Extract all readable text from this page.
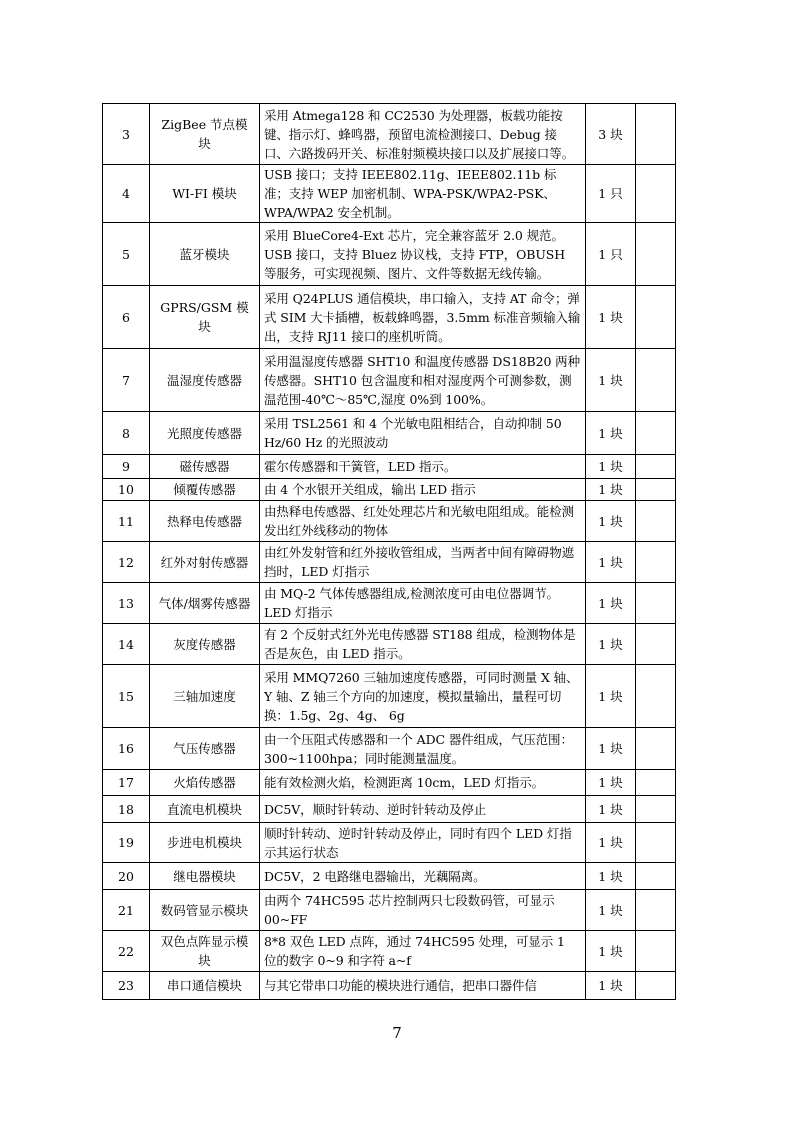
3	ZigBee 节点模块	采用 Atmega128 和 CC2530 为处理器，板载功能按键、指示灯、蜂鸣器，预留电流检测接口、Debug 接口、六路拨码开关、标准射频模块接口以及扩展接口等。	3 块	
4	WI-FI 模块	USB 接口；支持 IEEE802.11g、IEEE802.11b 标准；支持 WEP 加密机制、WPA-PSK/WPA2-PSK、WPA/WPA2 安全机制。	1 只	
5	蓝牙模块	采用 BlueCore4-Ext 芯片，完全兼容蓝牙 2.0 规范。USB 接口，支持 Bluez 协议栈，支持 FTP，OBUSH 等服务，可实现视频、图片、文件等数据无线传输。	1 只	
6	GPRS/GSM 模块	采用 Q24PLUS 通信模块，串口输入，支持 AT 命令；弹式 SIM 大卡插槽，板载蜂鸣器，3.5mm 标准音频输入输出，支持 RJ11 接口的座机听筒。	1 块	
7	温湿度传感器	采用温湿度传感器 SHT10 和温度传感器 DS18B20 两种传感器。SHT10 包含温度和相对湿度两个可测参数，测温范围-40℃～85℃,湿度 0%到 100%。	1 块	
8	光照度传感器	采用 TSL2561 和 4 个光敏电阻相结合，自动抑制 50 Hz/60 Hz 的光照波动	1 块	
9	磁传感器	霍尔传感器和干簧管，LED 指示。	1 块	
10	倾覆传感器	由 4 个水银开关组成，输出 LED 指示	1 块	
11	热释电传感器	由热释电传感器、红处处理芯片和光敏电阻组成。能检测发出红外线移动的物体	1 块	
12	红外对射传感器	由红外发射管和红外接收管组成，当两者中间有障碍物遮挡时，LED 灯指示	1 块	
13	气体/烟雾传感器	由 MQ-2 气体传感器组成,检测浓度可由电位器调节。LED 灯指示	1 块	
14	灰度传感器	有 2 个反射式红外光电传感器 ST188 组成，检测物体是否是灰色，由 LED 指示。	1 块	
15	三轴加速度	采用 MMQ7260 三轴加速度传感器，可同时测量 X 轴、Y 轴、Z 轴三个方向的加速度，模拟量输出，量程可切换：1.5g、2g、4g、 6g	1 块	
16	气压传感器	由一个压阻式传感器和一个 ADC 器件组成，气压范围：300~1100hpa；同时能测量温度。	1 块	
17	火焰传感器	能有效检测火焰，检测距离 10cm，LED 灯指示。	1 块	
18	直流电机模块	DC5V，顺时针转动、逆时针转动及停止	1 块	
19	步进电机模块	顺时针转动、逆时针转动及停止，同时有四个 LED 灯指示其运行状态	1 块	
20	继电器模块	DC5V，2 电路继电器输出，光藕隔离。	1 块	
21	数码管显示模块	由两个 74HC595 芯片控制两只七段数码管，可显示 00~FF	1 块	
22	双色点阵显示模块	8*8 双色 LED 点阵，通过 74HC595 处理，可显示 1 位的数字 0~9 和字符 a~f	1 块	
23	串口通信模块	与其它带串口功能的模块进行通信，把串口器件信	1 块	
7
